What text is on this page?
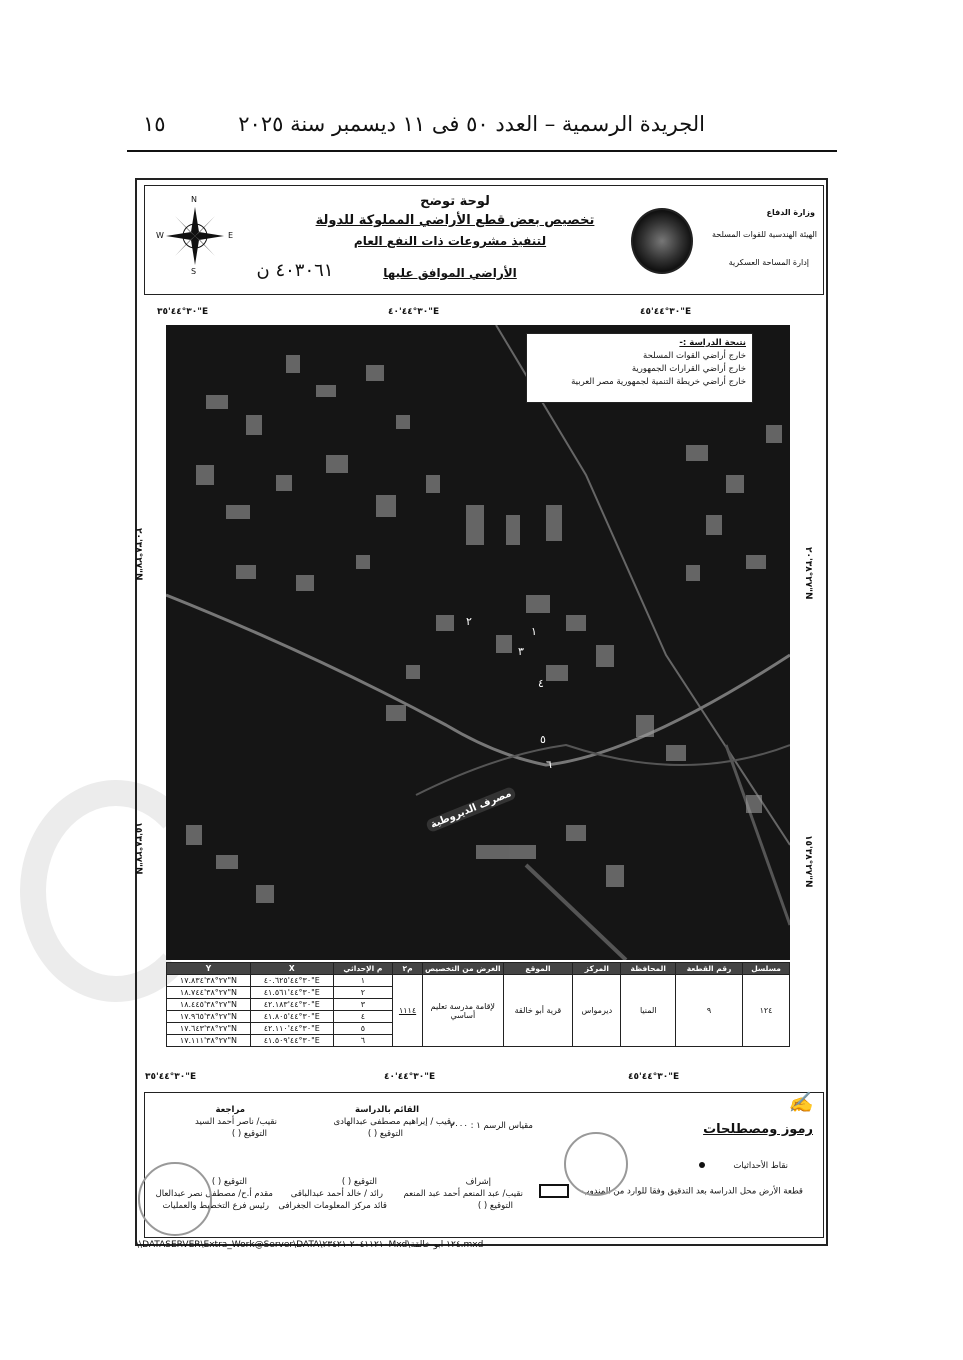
الجريدة الرسمية – العدد ٥٠ فى ١١ ديسمبر سنة ٢٠٢٥
١٥
وزارة الدفاع
الهيئة الهندسية للقوات المسلحة
إدارة المساحة العسكرية
لوحة توضح
تخصيص بعض قطع الأراضي المملوكة للدولة
لتنفيذ مشروعات ذات النفع العام
٤٠٣٠٦١ ن	الأراضي الموافق عليها
N
S
W	E
٣٠°٤٤'٣٥"E	٣٠°٤٤'٤٠"E	٣٠°٤٤'٤٥"E
٣٠°٤٤'٣٥"E	٣٠°٤٤'٤٠"E	٣٠°٤٤'٤٥"E
٢٧°٣٨'٢٠"N
٢٧°٣٨'١٥"N
٢٧°٣٨'٢٠"N
٢٧°٣٨'١٥"N
نتيجة الدراسة :-
خارج أراضي القوات المسلحة
خارج أراضي القرارات الجمهورية
خارج أراضي خريطة التنمية لجمهورية مصر العربية
مصرف الديروطية
١
٢
٣
٤
٥
٦
Y	X	م الإحداثي	م٢	الغرض من التخصيص	الموقع	المركز	المحافظة	رقم القطعة	مسلسل
٢٧°٣٨'١٧.٨٣٤"N	٣٠°٤٤'٤٠.٦٢٥"E	١	١١١٤	لإقامة مدرسة تعليم أساسي	قرية أبو خالقة	ديرمواس	المنيا	٩	١٢٤
٢٧°٣٨'١٨.٧٤٤"N	٣٠°٤٤'٤١.٥٦١"E	٢							
٢٧°٣٨'١٨.٤٤٥"N	٣٠°٤٤'٤٢.١٨٣"E	٣							
٢٧°٣٨'١٧.٩٦٥"N	٣٠°٤٤'٤١.٨٠٥"E	٤							
٢٧°٣٨'١٧.٦٤٣"N	٣٠°٤٤'٤٢.١١٠"E	٥							
٢٧°٣٨'١٧.١١١"N	٣٠°٤٤'٤١.٥٠٩"E	٦							
✍
رموز ومصطلحات
مقياس الرسم ١ : ٢٠٠٠
القائم بالدراسة
رقيب / إبراهيم مصطفى عبدالهادى
التوقيع ( )
مراجعة
نقيب/ ناصر أحمد السيد
التوقيع ( )
نقاط الأحداثيات
قطعة الأرض محل الدراسة بعد التدقيق وفقا للوارد من المندوب
إشراف
نقيب/ عبد المنعم أحمد عبد المنعم
التوقيع ( )
رائد / خالد أحمد عبدالباقى
قائد مركز المعلومات الجغرافى
التوقيع ( )
التوقيع ( )
مقدم أ.ح/ مصطفى نصر عبدالعال
رئيس فرع التخطيط والعمليات
\\DATASERVER\Extra_Work@Server\DATA\٢٠٤١١٢١٠-٢٣٤٢١Mxd\١٢٤ أبو خالقة.mxd
